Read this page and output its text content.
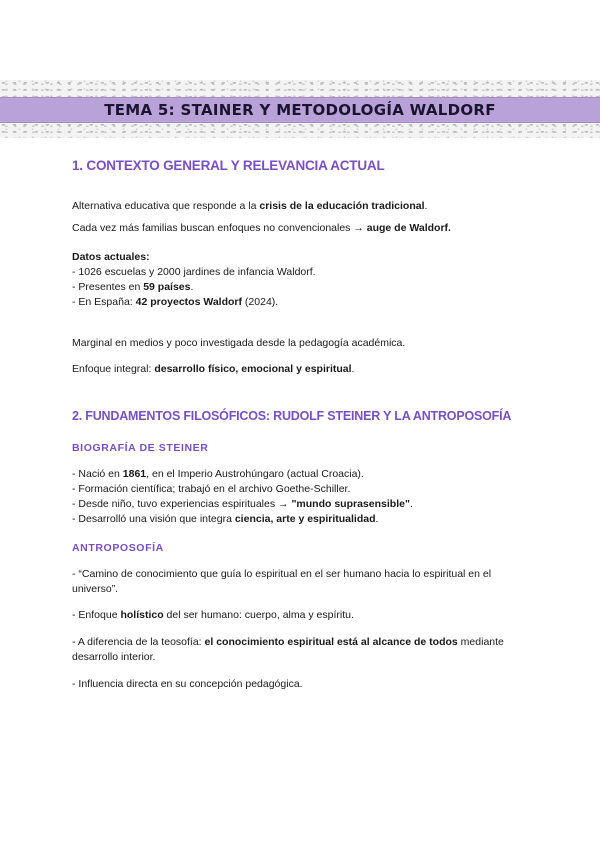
TEMA 5: STAINER Y METODOLOGÍA WALDORF
1. CONTEXTO GENERAL Y RELEVANCIA ACTUAL
Alternativa educativa que responde a la crisis de la educación tradicional.
Cada vez más familias buscan enfoques no convencionales → auge de Waldorf.
Datos actuales:
- 1026 escuelas y 2000 jardines de infancia Waldorf.
- Presentes en 59 países.
- En España: 42 proyectos Waldorf (2024).
Marginal en medios y poco investigada desde la pedagogía académica.
Enfoque integral: desarrollo físico, emocional y espiritual.
2. FUNDAMENTOS FILOSÓFICOS: RUDOLF STEINER Y LA ANTROPOSOFÍA
BIOGRAFÍA DE STEINER
- Nació en 1861, en el Imperio Austrohúngaro (actual Croacia).
- Formación científica; trabajó en el archivo Goethe-Schiller.
- Desde niño, tuvo experiencias espirituales → "mundo suprasensible".
- Desarrolló una visión que integra ciencia, arte y espiritualidad.
ANTROPOSOFÍA
- “Camino de conocimiento que guía lo espiritual en el ser humano hacia lo espiritual en el universo”.
- Enfoque holístico del ser humano: cuerpo, alma y espíritu.
- A diferencia de la teosofía: el conocimiento espiritual está al alcance de todos mediante desarrollo interior.
- Influencia directa en su concepción pedagógica.
